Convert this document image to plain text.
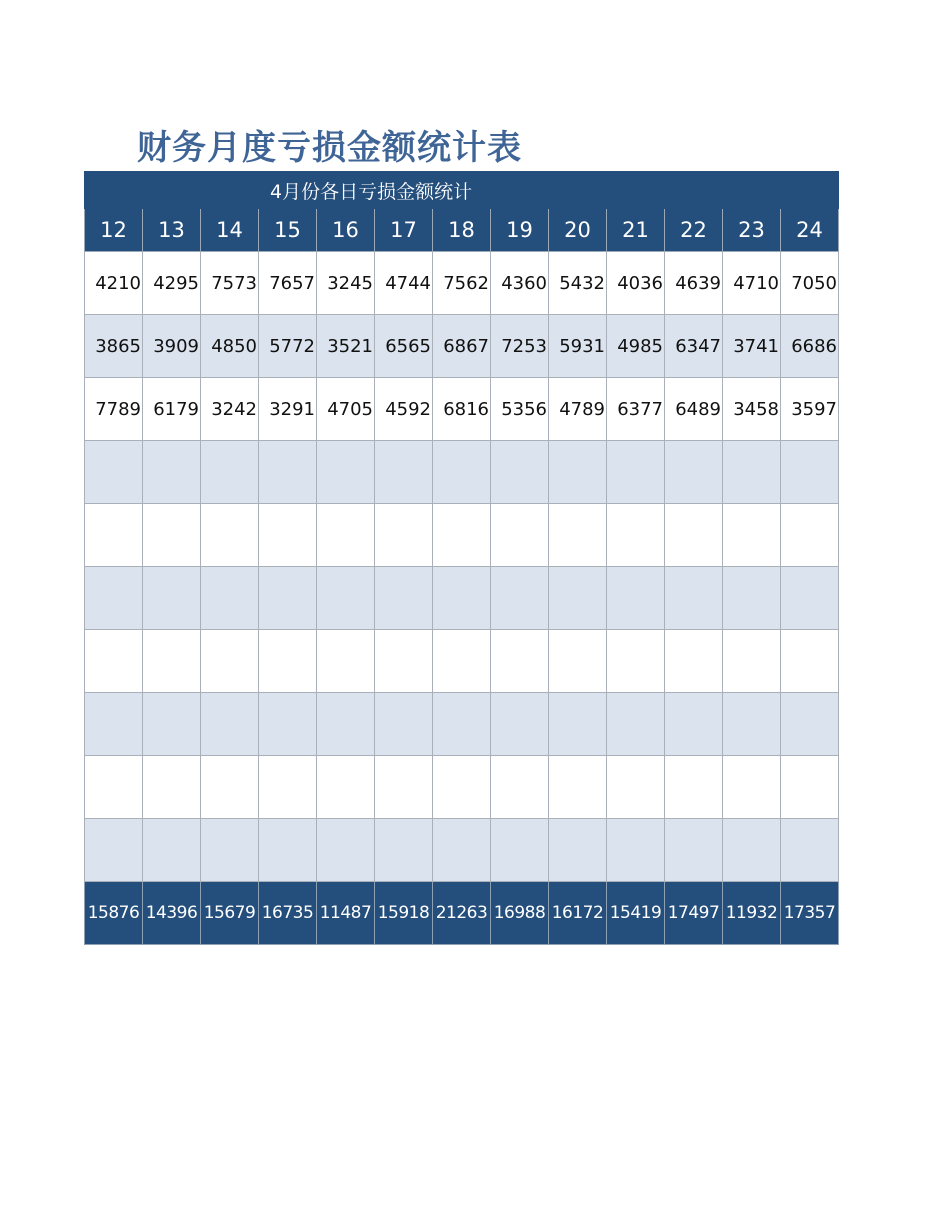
财务月度亏损金额统计表
4月份各日亏损金额统计												
12	13	14	15	16	17	18	19	20	21	22	23	24
4210	4295	7573	7657	3245	4744	7562	4360	5432	4036	4639	4710	7050
3865	3909	4850	5772	3521	6565	6867	7253	5931	4985	6347	3741	6686
7789	6179	3242	3291	4705	4592	6816	5356	4789	6377	6489	3458	3597

15876	14396	15679	16735	11487	15918	21263	16988	16172	15419	17497	11932	17357
